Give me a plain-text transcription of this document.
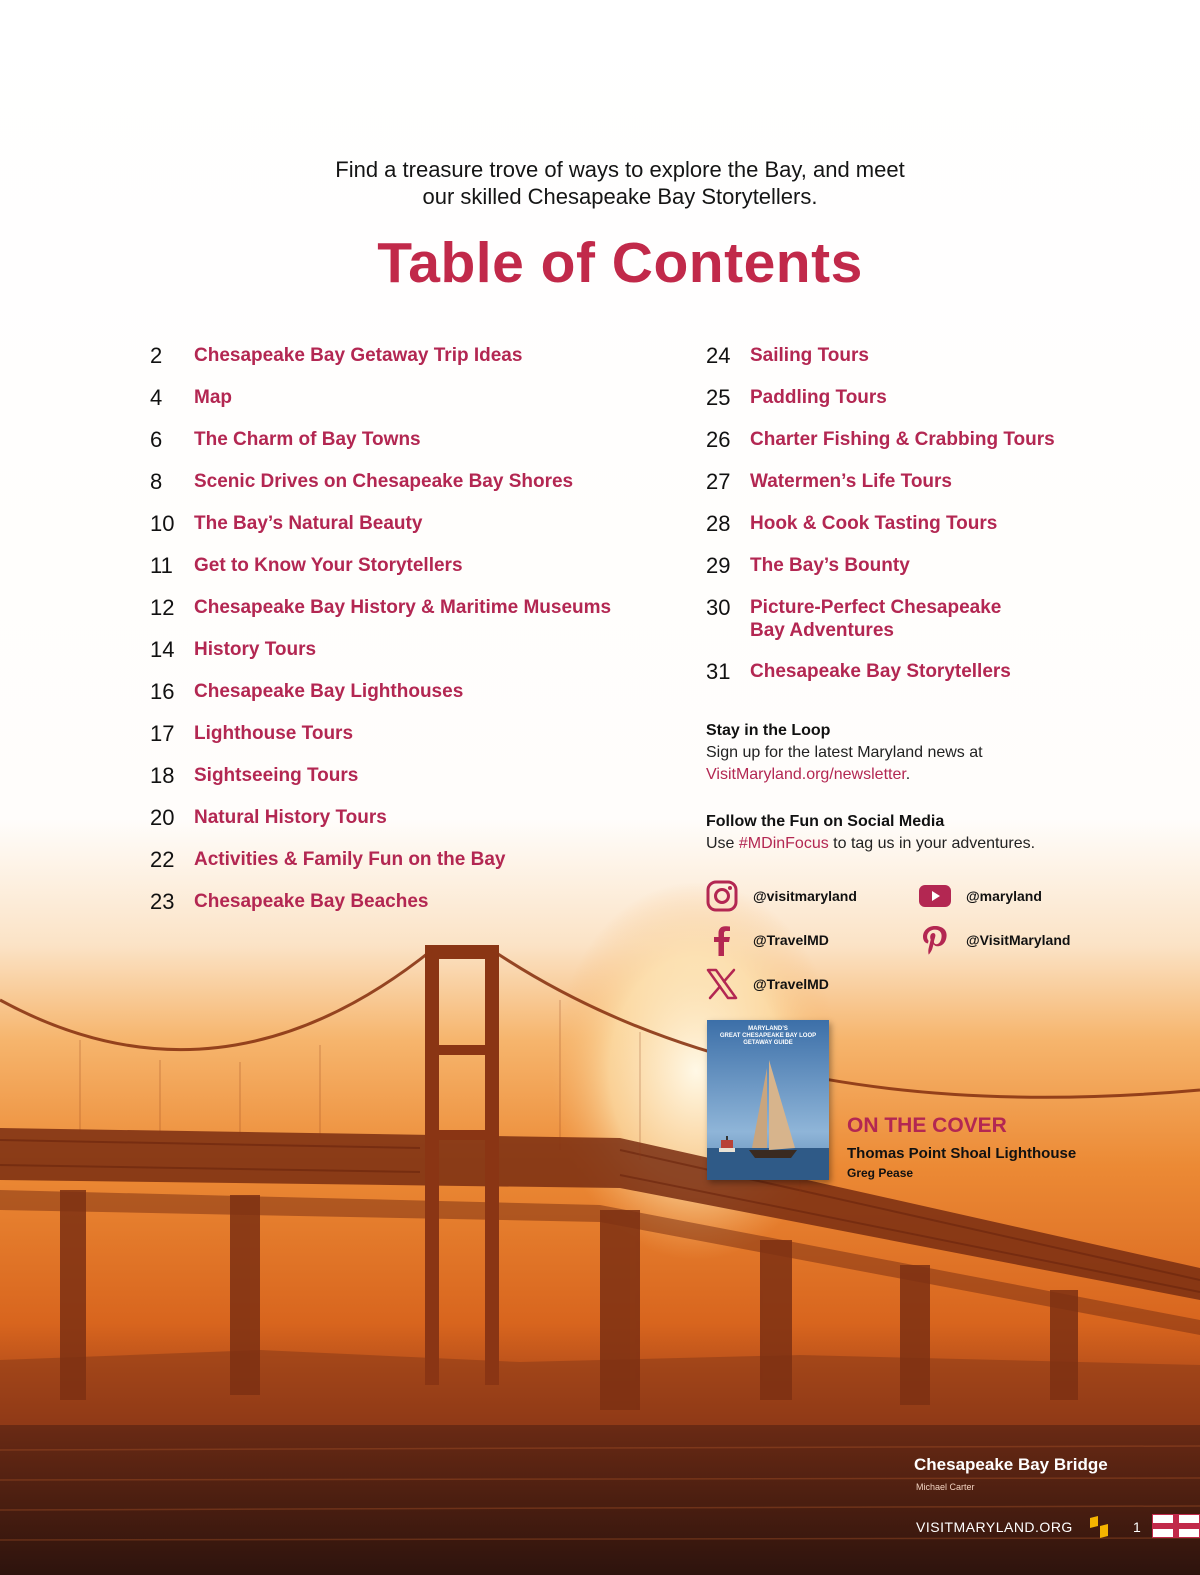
Find a treasure trove of ways to explore the Bay, and meet
our skilled Chesapeake Bay Storytellers.
Table of Contents
2	Chesapeake Bay Getaway Trip Ideas
4	Map
6	The Charm of Bay Towns
8	Scenic Drives on Chesapeake Bay Shores
10	The Bay’s Natural Beauty
11	Get to Know Your Storytellers
12	Chesapeake Bay History & Maritime Museums
14	History Tours
16	Chesapeake Bay Lighthouses
17	Lighthouse Tours
18	Sightseeing Tours
20	Natural History Tours
22	Activities & Family Fun on the Bay
23	Chesapeake Bay Beaches
24	Sailing Tours
25	Paddling Tours
26	Charter Fishing & Crabbing Tours
27	Watermen’s Life Tours
28	Hook & Cook Tasting Tours
29	The Bay’s Bounty
30	Picture-Perfect Chesapeake
Bay Adventures
31	Chesapeake Bay Storytellers
Stay in the Loop
Sign up for the latest Maryland news at
VisitMaryland.org/newsletter.
Follow the Fun on Social Media
Use #MDinFocus to tag us in your adventures.
@visitmaryland	@maryland
@TravelMD	@VisitMaryland
@TravelMD
MARYLAND’S
GREAT CHESAPEAKE BAY LOOP
GETAWAY GUIDE
ON THE COVER
Thomas Point Shoal Lighthouse
Greg Pease
Chesapeake Bay Bridge
Michael Carter
VISITMARYLAND.ORG	1
